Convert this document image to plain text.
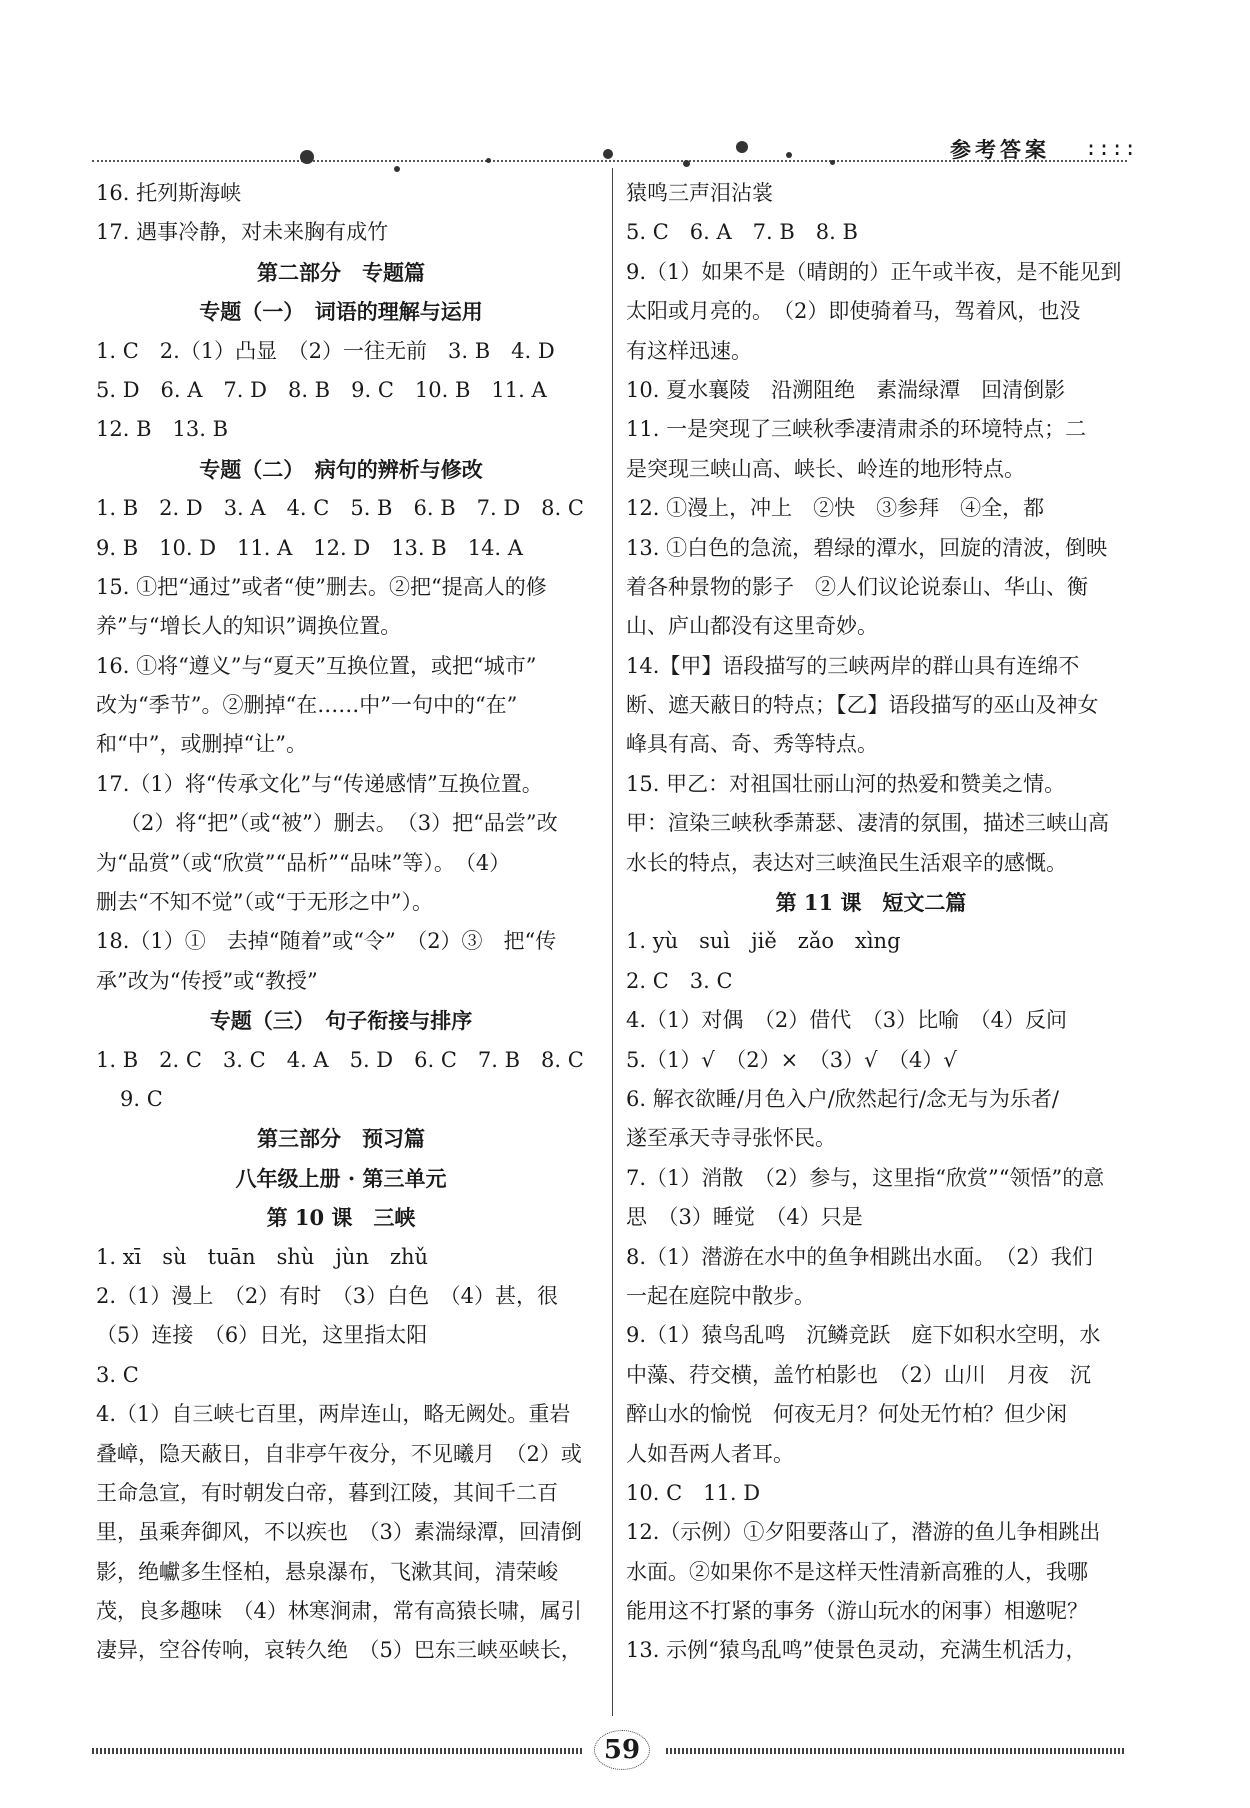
参考答案 ::::
16. 托列斯海峡
17. 遇事冷静，对未来胸有成竹
第二部分　专题篇
专题（一）　词语的理解与运用
1. C　2.（1）凸显　（2）一往无前　3. B　4. D
5. D　6. A　7. D　8. B　9. C　10. B　11. A
12. B　13. B
专题（二）　病句的辨析与修改
1. B　2. D　3. A　4. C　5. B　6. B　7. D　8. C
9. B　10. D　11. A　12. D　13. B　14. A
15. ①把“通过”或者“使”删去。②把“提高人的修
养”与“增长人的知识”调换位置。
16. ①将“遵义”与“夏天”互换位置，或把“城市”
改为“季节”。②删掉“在……中”一句中的“在”
和“中”，或删掉“让”。
17.（1）将“传承文化”与“传递感情”互换位置。
（2）将“把”（或“被”）删去。　（3）把“品尝”改
为“品赏”（或“欣赏”“品析”“品味”等）。　（4）
删去“不知不觉”（或“于无形之中”）。
18.（1）①　去掉“随着”或“令”　（2）③　把“传
承”改为“传授”或“教授”
专题（三）　句子衔接与排序
1. B　2. C　3. C　4. A　5. D　6. C　7. B　8. C
9. C
第三部分　预习篇
八年级上册 · 第三单元
第 10 课　三峡
1. xī　sù　tuān　shù　jùn　zhǔ
2.（1）漫上　（2）有时　（3）白色　（4）甚，很
（5）连接　（6）日光，这里指太阳
3. C
4.（1）自三峡七百里，两岸连山，略无阙处。重岩
叠嶂，隐天蔽日，自非亭午夜分，不见曦月　（2）或
王命急宣，有时朝发白帝，暮到江陵，其间千二百
里，虽乘奔御风，不以疾也　（3）素湍绿潭，回清倒
影，绝巘多生怪柏，悬泉瀑布，飞漱其间，清荣峻
茂，良多趣味　（4）林寒涧肃，常有高猿长啸，属引
凄异，空谷传响，哀转久绝　（5）巴东三峡巫峡长，
猿鸣三声泪沾裳
5. C　6. A　7. B　8. B
9.（1）如果不是（晴朗的）正午或半夜，是不能见到
太阳或月亮的。　（2）即使骑着马，驾着风，也没
有这样迅速。
10. 夏水襄陵　沿溯阻绝　素湍绿潭　回清倒影
11. 一是突现了三峡秋季凄清肃杀的环境特点；二
是突现三峡山高、峡长、岭连的地形特点。
12. ①漫上，冲上　②快　③参拜　④全，都
13. ①白色的急流，碧绿的潭水，回旋的清波，倒映
着各种景物的影子　②人们议论说泰山、华山、衡
山、庐山都没有这里奇妙。
14.【甲】语段描写的三峡两岸的群山具有连绵不
断、遮天蔽日的特点；【乙】语段描写的巫山及神女
峰具有高、奇、秀等特点。
15. 甲乙：对祖国壮丽山河的热爱和赞美之情。
甲：渲染三峡秋季萧瑟、凄清的氛围，描述三峡山高
水长的特点，表达对三峡渔民生活艰辛的感慨。
第 11 课　短文二篇
1. yù　suì　jiě　zǎo　xìng
2. C　3. C
4.（1）对偶　（2）借代　（3）比喻　（4）反问
5.（1）√　（2）×　（3）√　（4）√
6. 解衣欲睡/月色入户/欣然起行/念无与为乐者/
遂至承天寺寻张怀民。
7.（1）消散　（2）参与，这里指“欣赏”“领悟”的意
思　（3）睡觉　（4）只是
8.（1）潜游在水中的鱼争相跳出水面。　（2）我们
一起在庭院中散步。
9.（1）猿鸟乱鸣　沉鳞竞跃　庭下如积水空明，水
中藻、荇交横，盖竹柏影也　（2）山川　月夜　沉
醉山水的愉悦　何夜无月？何处无竹柏？但少闲
人如吾两人者耳。
10. C　11. D
12.（示例）①夕阳要落山了，潜游的鱼儿争相跳出
水面。②如果你不是这样天性清新高雅的人，我哪
能用这不打紧的事务（游山玩水的闲事）相邀呢？
13. 示例“猿鸟乱鸣”使景色灵动，充满生机活力，
59
